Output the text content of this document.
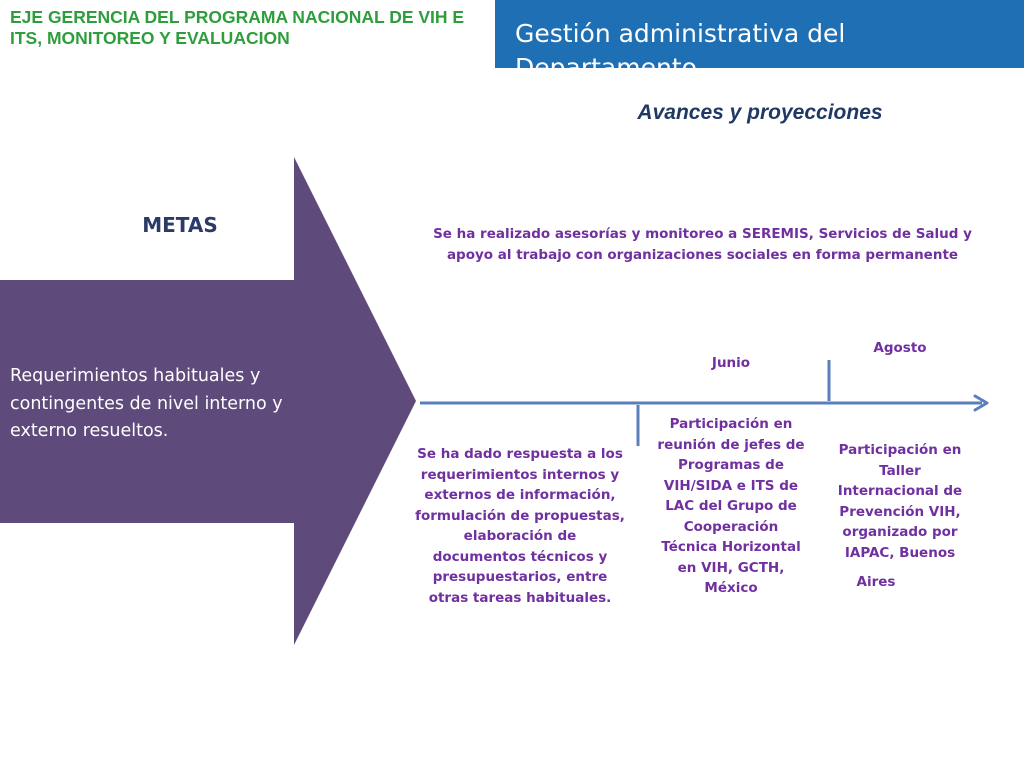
EJE GERENCIA DEL PROGRAMA NACIONAL DE VIH E ITS, MONITOREO Y EVALUACION	Gestión administrativa del Departamento
Avances y proyecciones
METAS
Requerimientos habituales y contingentes de nivel interno y externo resueltos.
Se ha realizado asesorías y monitoreo a SEREMIS, Servicios de Salud y apoyo al trabajo con organizaciones sociales en forma permanente
Junio
Agosto
Se ha dado respuesta a los requerimientos internos y externos de información, formulación de propuestas, elaboración de documentos técnicos y presupuestarios, entre otras tareas habituales.
Participación en reunión de jefes de Programas de VIH/SIDA e ITS de LAC del Grupo de Cooperación Técnica Horizontal en VIH, GCTH, México
Participación en Taller Internacional de Prevención VIH, organizado por IAPAC, Buenos
Aires
